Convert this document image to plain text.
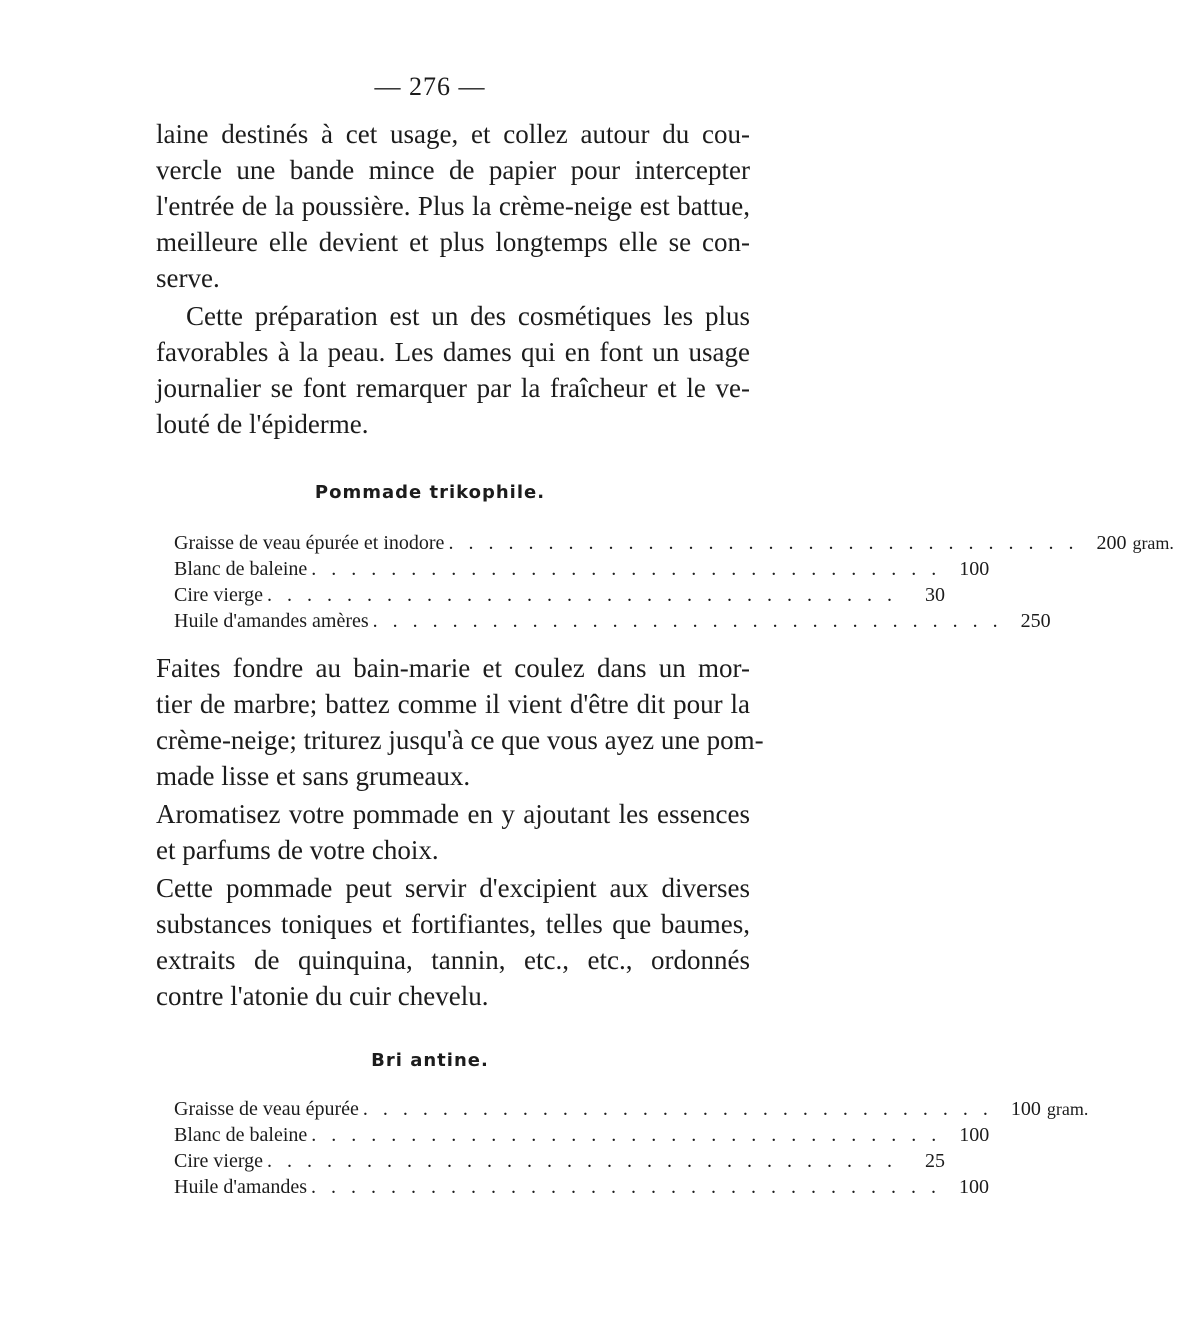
— 276 —
laine destinés à cet usage, et collez autour du cou-
vercle une bande mince de papier pour intercepter
l'entrée de la poussière. Plus la crème-neige est battue,
meilleure elle devient et plus longtemps elle se con-
serve.
Cette préparation est un des cosmétiques les plus
favorables à la peau. Les dames qui en font un usage
journalier se font remarquer par la fraîcheur et le ve-
louté de l'épiderme.
Pommade trikophile.
Graisse de veau épurée et inodore . . . . . . . . . . . . . . . . . . . . . . . . . . . . . . . . 200 gram.
Blanc de baleine . . . . . . . . . . . . . . . . . . . . . . . . . . . . . . . . 100
Cire vierge . . . . . . . . . . . . . . . . . . . . . . . . . . . . . . . .	30
Huile d'amandes amères . . . . . . . . . . . . . . . . . . . . . . . . . . . . . . . . 250
Faites fondre au bain-marie et coulez dans un mor-
tier de marbre; battez comme il vient d'être dit pour la
crème-neige; triturez jusqu'à ce que vous ayez une pom-
made lisse et sans grumeaux.
Aromatisez votre pommade en y ajoutant les essences
et parfums de votre choix.
Cette pommade peut servir d'excipient aux diverses
substances toniques et fortifiantes, telles que baumes,
extraits de quinquina, tannin, etc., etc., ordonnés
contre l'atonie du cuir chevelu.
Bri antine.
Graisse de veau épurée . . . . . . . . . . . . . . . . . . . . . . . . . . . . . . . . 100 gram.
Blanc de baleine . . . . . . . . . . . . . . . . . . . . . . . . . . . . . . . . 100
Cire vierge . . . . . . . . . . . . . . . . . . . . . . . . . . . . . . . .	25
Huile d'amandes . . . . . . . . . . . . . . . . . . . . . . . . . . . . . . . . 100
